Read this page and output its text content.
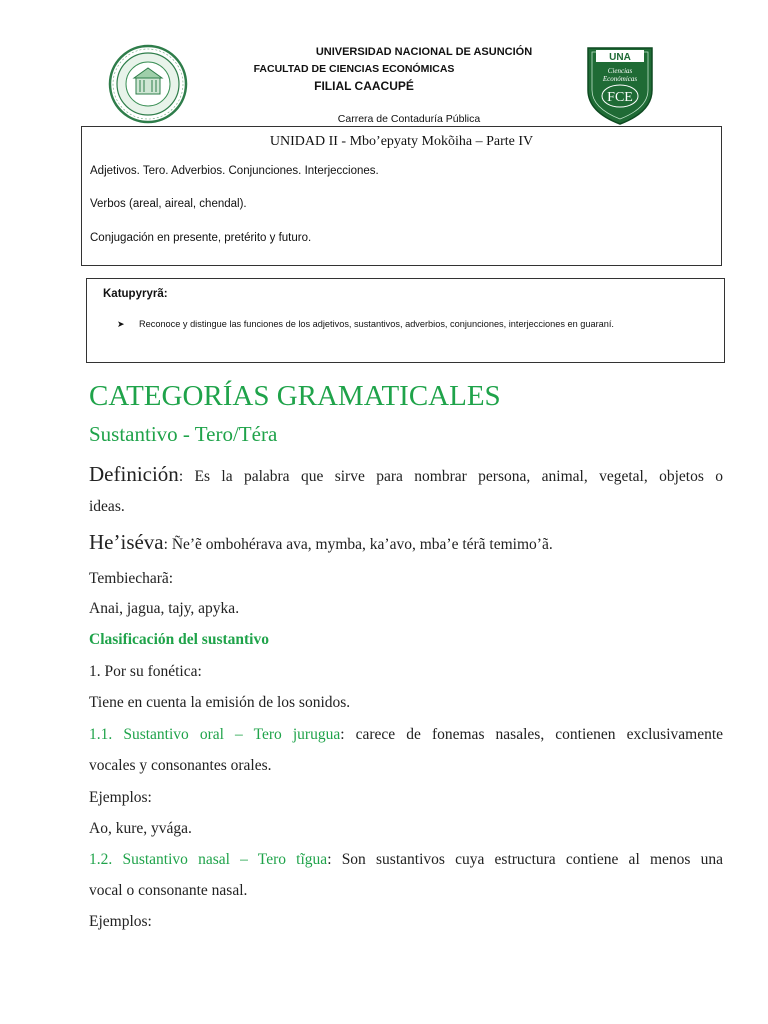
UNIVERSIDAD NACIONAL DE ASUNCIÓN
FACULTAD DE CIENCIAS ECONÓMICAS
FILIAL CAACUPÉ
Carrera de Contaduría Pública
UNA
Ciencias
Económicas
FCE
UNIDAD II - Mbo’epyaty Mokõiha – Parte IV
Adjetivos. Tero. Adverbios. Conjunciones. Interjecciones.
Verbos (areal, aireal, chendal).
Conjugación en presente, pretérito y futuro.
Katupyryrã:
➤ Reconoce y distingue las funciones de los adjetivos, sustantivos, adverbios, conjunciones, interjecciones en guaraní.
CATEGORÍAS GRAMATICALES
Sustantivo - Tero/Téra
Definición: Es la palabra que sirve para nombrar persona, animal, vegetal, objetos o
ideas.
He’iséva: Ñe’ẽ ombohérava ava, mymba, ka’avo, mba’e térã temimo’ã.
Tembiecharã:
Anai, jagua, tajy, apyka.
Clasificación del sustantivo
1. Por su fonética:
Tiene en cuenta la emisión de los sonidos.
1.1. Sustantivo oral – Tero jurugua: carece de fonemas nasales, contienen exclusivamente
vocales y consonantes orales.
Ejemplos:
Ao, kure, yvága.
1.2. Sustantivo nasal – Tero tĩgua: Son sustantivos cuya estructura contiene al menos una
vocal o consonante nasal.
Ejemplos:
